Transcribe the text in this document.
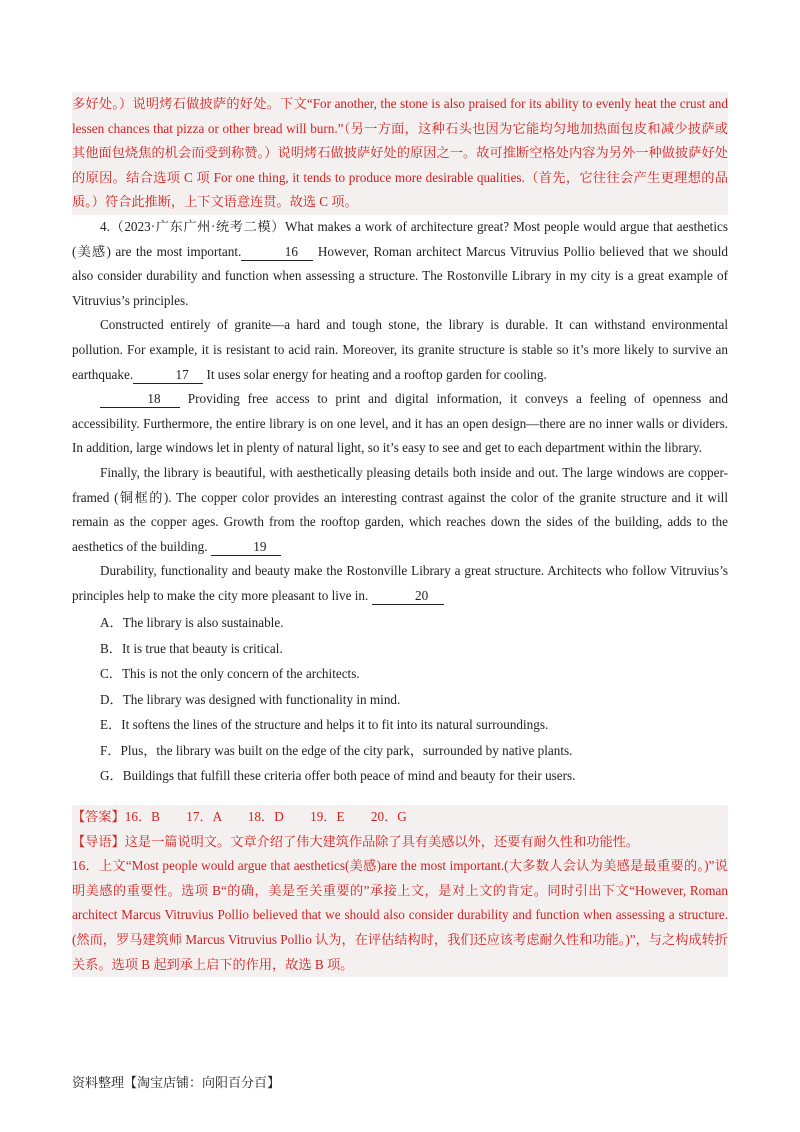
多好处。）说明烤石做披萨的好处。下文“For another, the stone is also praised for its ability to evenly heat the crust and lessen chances that pizza or other bread will burn.”（另一方面，这种石头也因为它能均匀地加热面包皮和减少披萨或其他面包烧焦的机会而受到称赞。）说明烤石做披萨好处的原因之一。故可推断空格处内容为另外一种做披萨好处的原因。结合选项 C 项 For one thing, it tends to produce more desirable qualities.（首先，它往往会产生更理想的品质。）符合此推断，上下文语意连贯。故选 C 项。

4.（2023·广东广州·统考二模）What makes a work of architecture great? Most people would argue that aesthetics (美感) are the most important.	16 However, Roman architect Marcus Vitruvius Pollio believed that we should also consider durability and function when assessing a structure. The Rostonville Library in my city is a great example of Vitruvius’s principles.

Constructed entirely of granite—a hard and tough stone, the library is durable. It can withstand environmental pollution. For example, it is resistant to acid rain. Moreover, its granite structure is stable so it’s more likely to survive an earthquake.	17 It uses solar energy for heating and a rooftop garden for cooling.

18 Providing free access to print and digital information, it conveys a feeling of openness and accessibility. Furthermore, the entire library is on one level, and it has an open design—there are no inner walls or dividers. In addition, large windows let in plenty of natural light, so it’s easy to see and get to each department within the library.

Finally, the library is beautiful, with aesthetically pleasing details both inside and out. The large windows are copper-framed (铜框的). The copper color provides an interesting contrast against the color of the granite structure and it will remain as the copper ages. Growth from the rooftop garden, which reaches down the sides of the building, adds to the aesthetics of the building.	19

Durability, functionality and beauty make the Rostonville Library a great structure. Architects who follow Vitruvius’s principles help to make the city more pleasant to live in.	20

A．The library is also sustainable.

B．It is true that beauty is critical.

C．This is not the only concern of the architects.

D．The library was designed with functionality in mind.

E．It softens the lines of the structure and helps it to fit into its natural surroundings.

F．Plus，the library was built on the edge of the city park，surrounded by native plants.

G．Buildings that fulfill these criteria offer both peace of mind and beauty for their users.

【答案】16．B　　17．A　　18．D　　19．E　　20．G

【导语】这是一篇说明文。文章介绍了伟大建筑作品除了具有美感以外，还要有耐久性和功能性。

16．上文“Most people would argue that aesthetics(美感)are the most important.(大多数人会认为美感是最重要的。)”说明美感的重要性。选项 B“的确，美是至关重要的”承接上文，是对上文的肯定。同时引出下文“However, Roman architect Marcus Vitruvius Pollio believed that we should also consider durability and function when assessing a structure.(然而，罗马建筑师 Marcus Vitruvius Pollio 认为，在评估结构时，我们还应该考虑耐久性和功能。)”，与之构成转折关系。选项 B 起到承上启下的作用，故选 B 项。

资料整理【淘宝店铺：向阳百分百】
